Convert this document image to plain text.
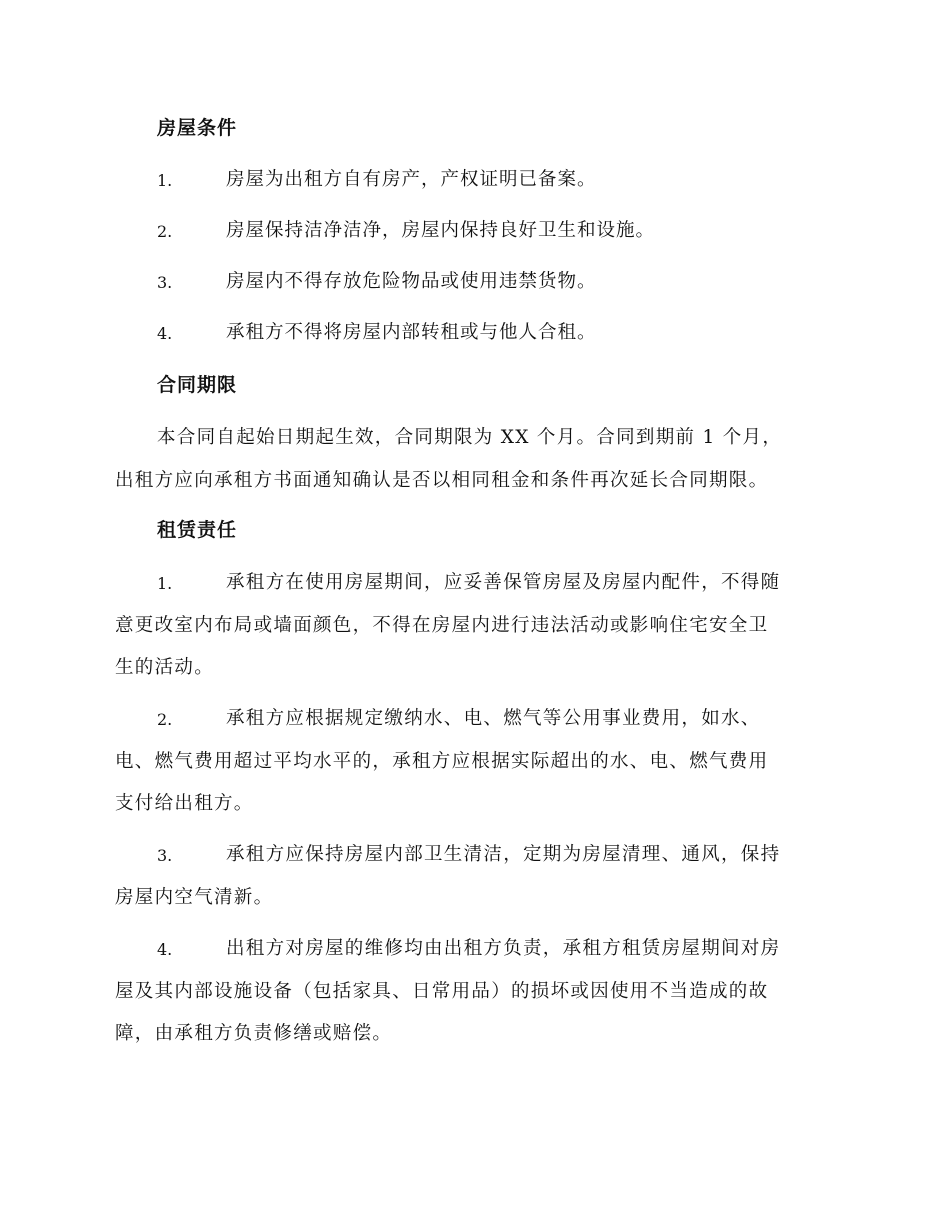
房屋条件
1.	房屋为出租方自有房产，产权证明已备案。
2.	房屋保持洁净洁净，房屋内保持良好卫生和设施。
3.	房屋内不得存放危险物品或使用违禁货物。
4.	承租方不得将房屋内部转租或与他人合租。
合同期限
本合同自起始日期起生效，合同期限为 XX 个月。合同到期前 1 个月，
出租方应向承租方书面通知确认是否以相同租金和条件再次延长合同期限。
租赁责任
1.	承租方在使用房屋期间，应妥善保管房屋及房屋内配件，不得随
意更改室内布局或墙面颜色，不得在房屋内进行违法活动或影响住宅安全卫
生的活动。
2.	承租方应根据规定缴纳水、电、燃气等公用事业费用，如水、
电、燃气费用超过平均水平的，承租方应根据实际超出的水、电、燃气费用
支付给出租方。
3.	承租方应保持房屋内部卫生清洁，定期为房屋清理、通风，保持
房屋内空气清新。
4.	出租方对房屋的维修均由出租方负责，承租方租赁房屋期间对房
屋及其内部设施设备（包括家具、日常用品）的损坏或因使用不当造成的故
障，由承租方负责修缮或赔偿。
